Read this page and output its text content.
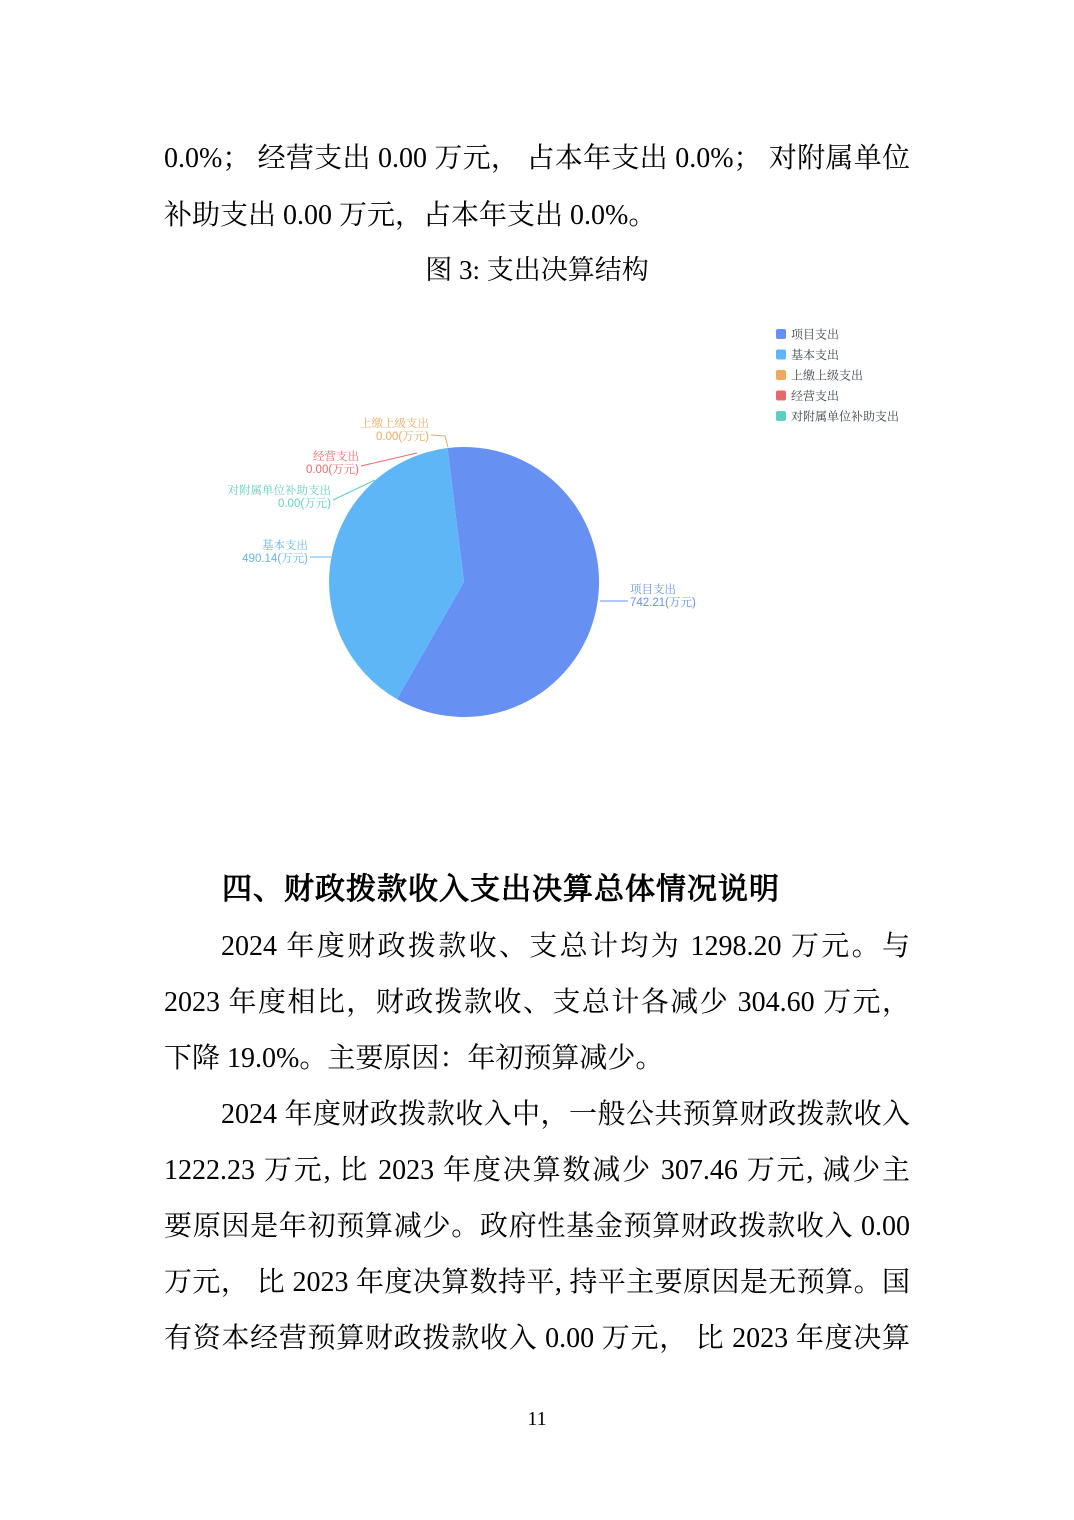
0.0%； 经营支出 0.00 万元， 占本年支出 0.0%； 对附属单位
补助支出 0.00 万元，占本年支出 0.0%。
图 3: 支出决算结构
项目支出 742.21(万元)
基本支出 490.14(万元)
上缴上级支出 0.00(万元)
经营支出 0.00(万元)
对附属单位补助支出 0.00(万元)
项目支出
基本支出
上缴上级支出
经营支出
对附属单位补助支出
四、财政拨款收入支出决算总体情况说明
2024 年度财政拨款收、支总计均为 1298.20 万元。与
2023 年度相比，财政拨款收、支总计各减少 304.60 万元，
下降 19.0%。主要原因：年初预算减少。
2024 年度财政拨款收入中，一般公共预算财政拨款收入
1222.23 万元, 比 2023 年度决算数减少 307.46 万元, 减少主
要原因是年初预算减少。政府性基金预算财政拨款收入 0.00
万元， 比 2023 年度决算数持平, 持平主要原因是无预算。国
有资本经营预算财政拨款收入 0.00 万元， 比 2023 年度决算
11
